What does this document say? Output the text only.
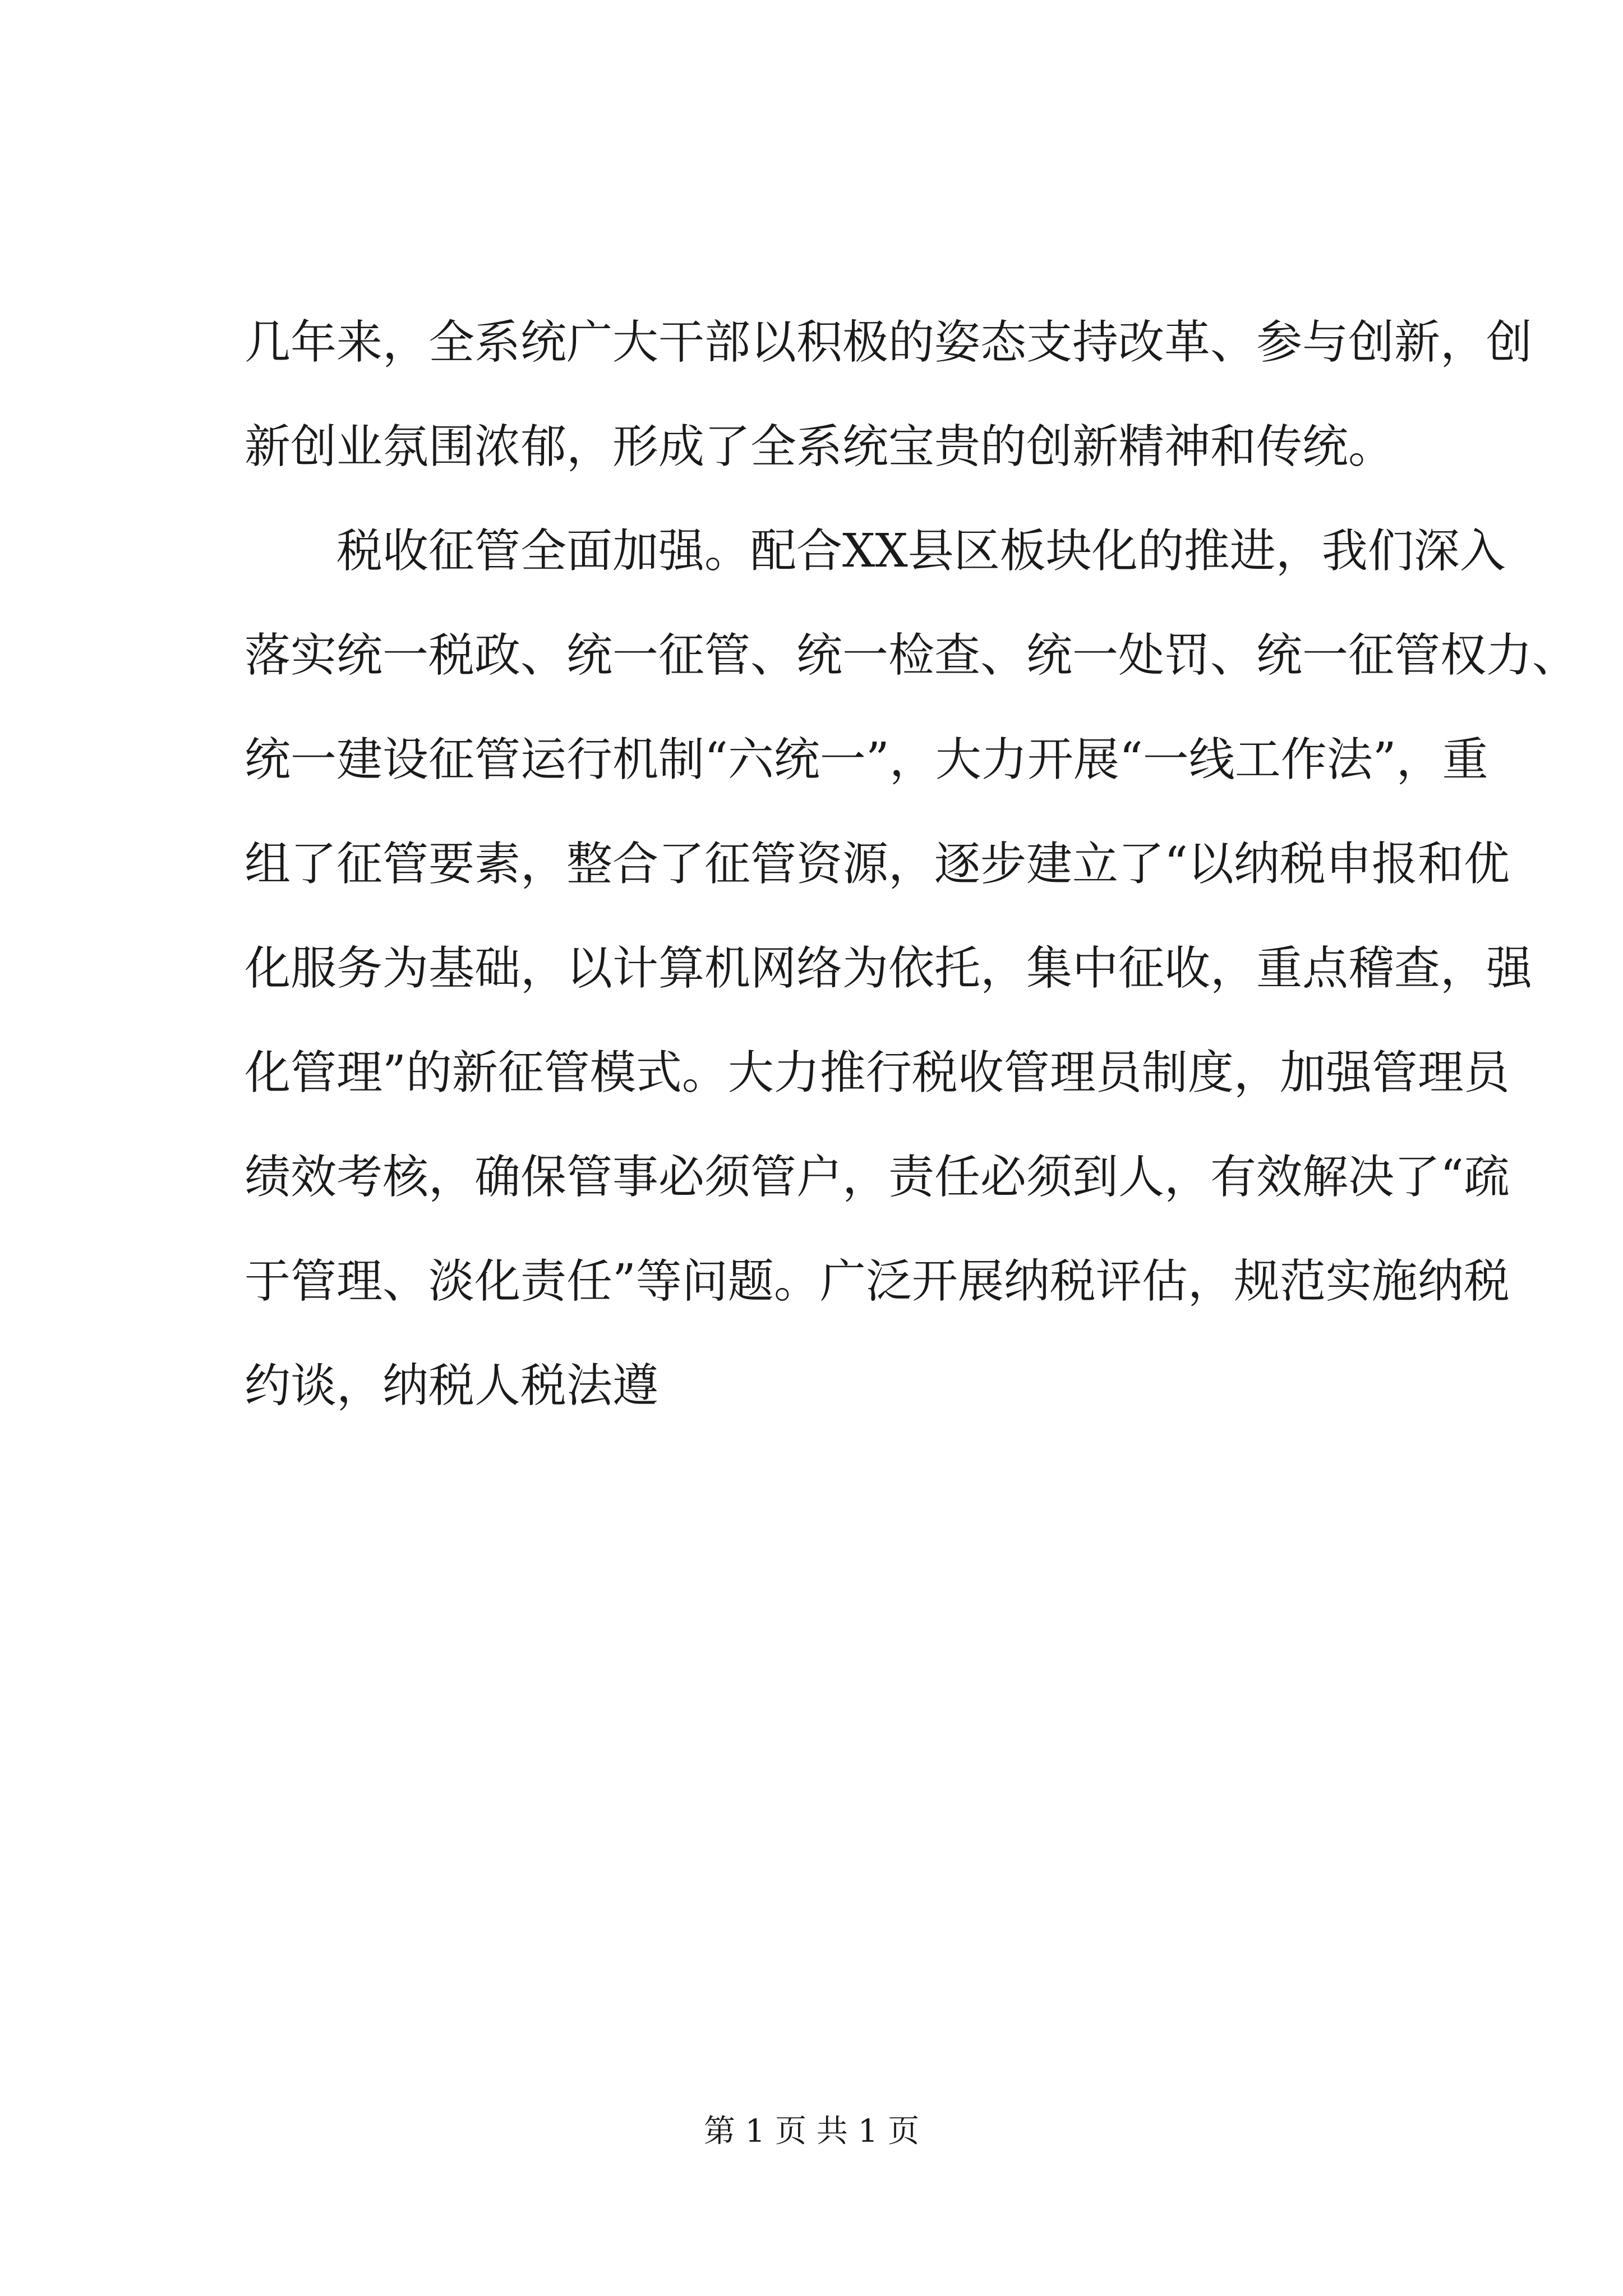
几年来，全系统广大干部以积极的姿态支持改革、参与创新，创
新创业氛围浓郁，形成了全系统宝贵的创新精神和传统。
税收征管全面加强。配合XX县区板块化的推进，我们深入
落实统一税政、统一征管、统一检查、统一处罚、统一征管权力、
统一建设征管运行机制“六统一”，大力开展“一线工作法”，重
组了征管要素，整合了征管资源，逐步建立了“以纳税申报和优
化服务为基础，以计算机网络为依托，集中征收，重点稽查，强
化管理”的新征管模式。大力推行税收管理员制度，加强管理员
绩效考核，确保管事必须管户，责任必须到人，有效解决了“疏
于管理、淡化责任”等问题。广泛开展纳税评估，规范实施纳税
约谈，纳税人税法遵
第 1 页 共 1 页
